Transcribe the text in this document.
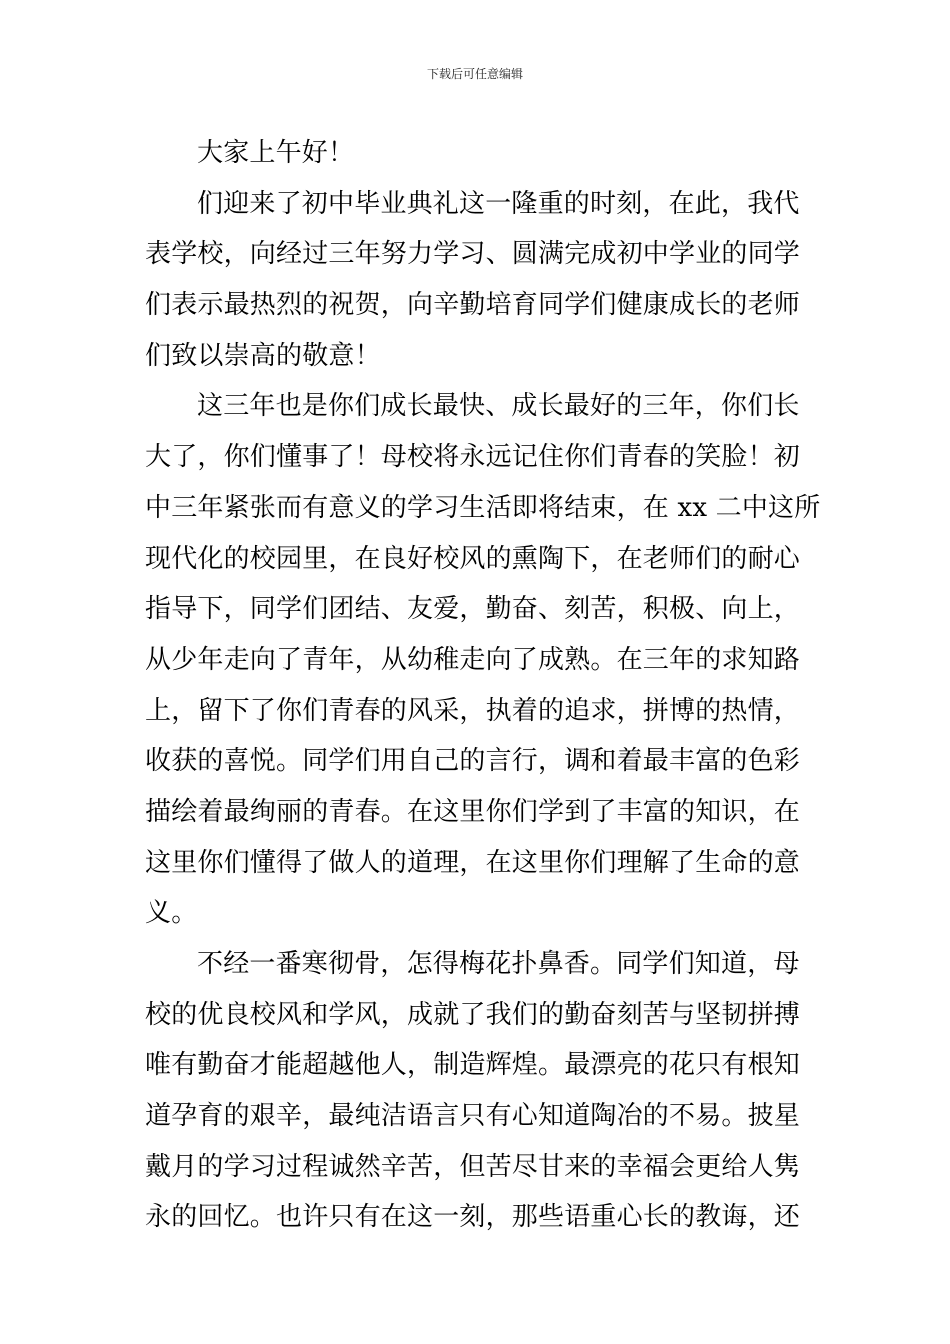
下载后可任意编辑
大家上午好！
们迎来了初中毕业典礼这一隆重的时刻，在此，我代
表学校，向经过三年努力学习、圆满完成初中学业的同学
们表示最热烈的祝贺，向辛勤培育同学们健康成长的老师
们致以崇高的敬意！
这三年也是你们成长最快、成长最好的三年，你们长
大了，你们懂事了！母校将永远记住你们青春的笑脸！初
中三年紧张而有意义的学习生活即将结束，在 xx 二中这所
现代化的校园里，在良好校风的熏陶下，在老师们的耐心
指导下，同学们团结、友爱，勤奋、刻苦，积极、向上，
从少年走向了青年，从幼稚走向了成熟。在三年的求知路
上，留下了你们青春的风采，执着的追求，拼博的热情，
收获的喜悦。同学们用自己的言行，调和着最丰富的色彩
描绘着最绚丽的青春。在这里你们学到了丰富的知识，在
这里你们懂得了做人的道理，在这里你们理解了生命的意
义。
不经一番寒彻骨，怎得梅花扑鼻香。同学们知道，母
校的优良校风和学风，成就了我们的勤奋刻苦与坚韧拼搏
唯有勤奋才能超越他人，制造辉煌。最漂亮的花只有根知
道孕育的艰辛，最纯洁语言只有心知道陶冶的不易。披星
戴月的学习过程诚然辛苦，但苦尽甘来的幸福会更给人隽
永的回忆。也许只有在这一刻，那些语重心长的教诲，还
